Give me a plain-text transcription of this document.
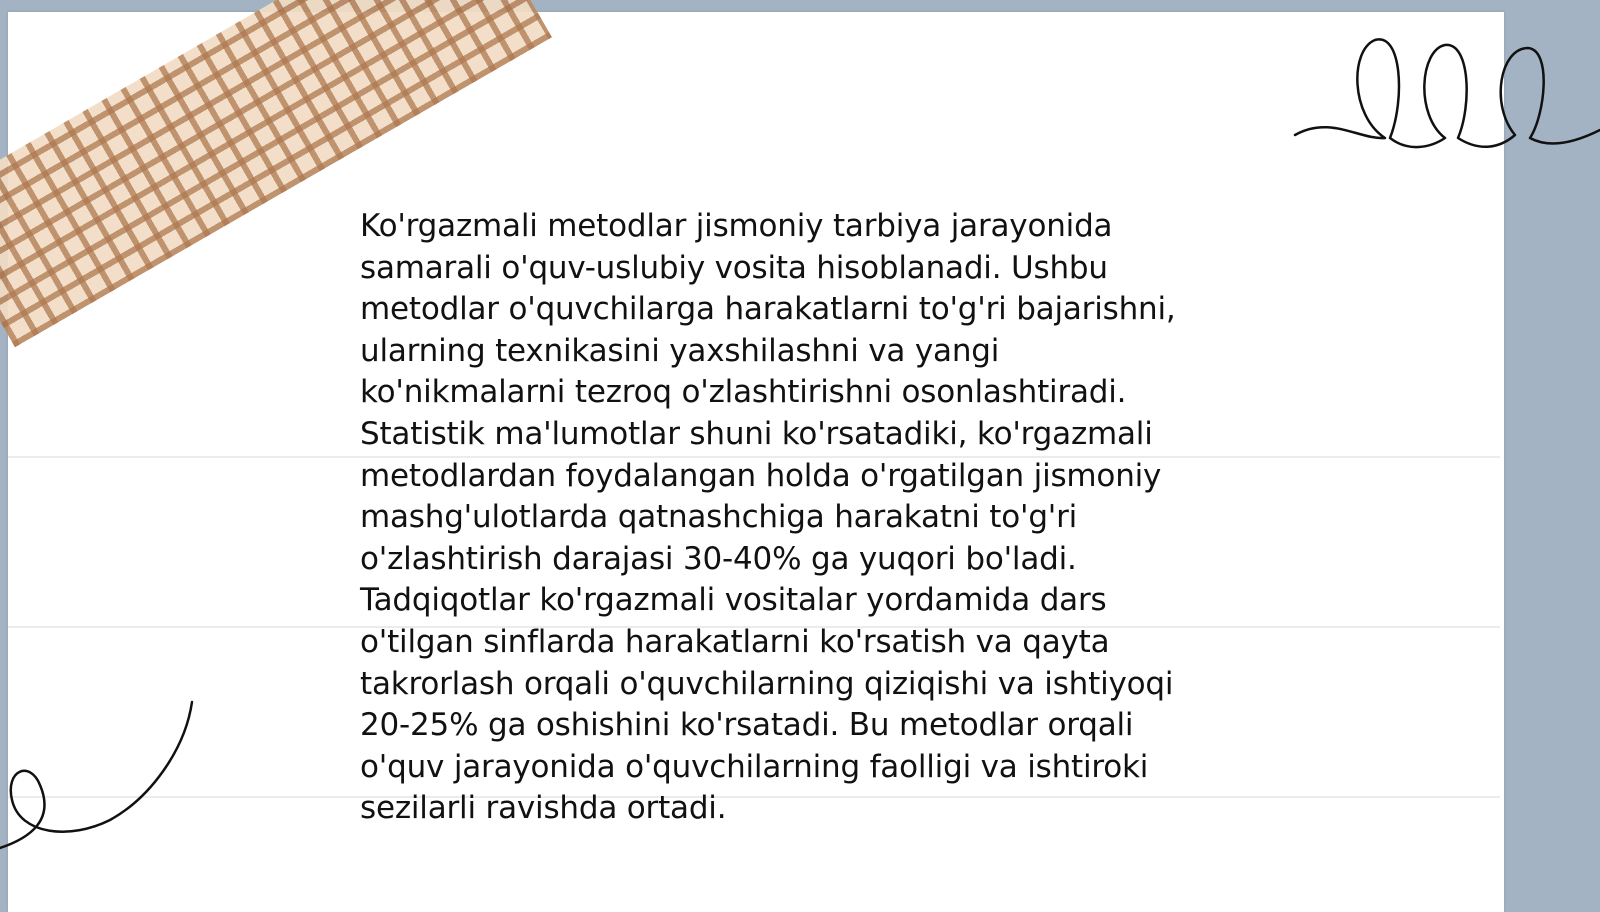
Ko'rgazmali metodlar jismoniy tarbiya jarayonida
samarali o'quv-uslubiy vosita hisoblanadi. Ushbu
metodlar o'quvchilarga harakatlarni to'g'ri bajarishni,
ularning texnikasini yaxshilashni va yangi
ko'nikmalarni tezroq o'zlashtirishni osonlashtiradi.
Statistik ma'lumotlar shuni ko'rsatadiki, ko'rgazmali
metodlardan foydalangan holda o'rgatilgan jismoniy
mashg'ulotlarda qatnashchiga harakatni to'g'ri
o'zlashtirish darajasi 30-40% ga yuqori bo'ladi.
Tadqiqotlar ko'rgazmali vositalar yordamida dars
o'tilgan sinflarda harakatlarni ko'rsatish va qayta
takrorlash orqali o'quvchilarning qiziqishi va ishtiyoqi
20-25% ga oshishini ko'rsatadi. Bu metodlar orqali
o'quv jarayonida o'quvchilarning faolligi va ishtiroki
sezilarli ravishda ortadi.
